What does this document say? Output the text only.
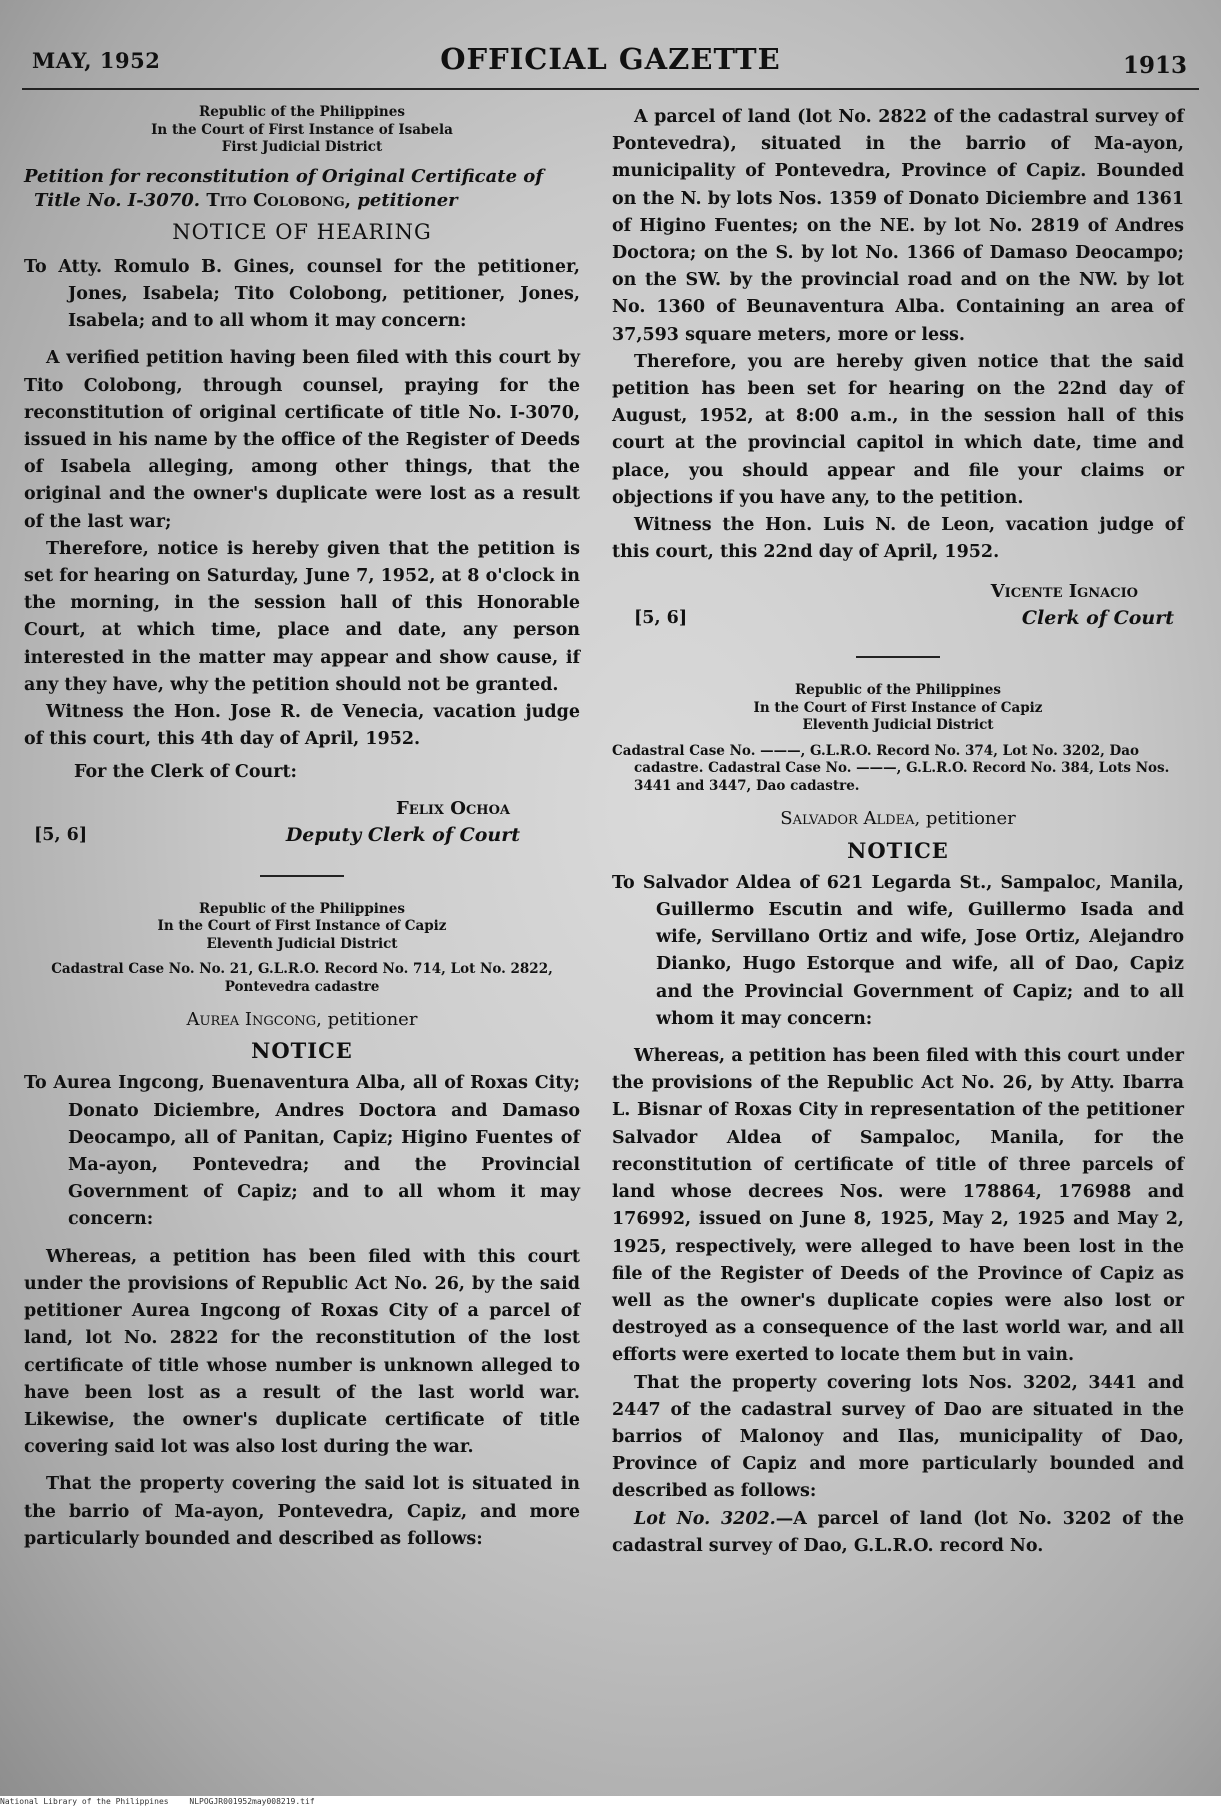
MAY, 1952	OFFICIAL GAZETTE	1913
Republic of the Philippines
In the Court of First Instance of Isabela
First Judicial District
Petition for reconstitution of Original Certificate of Title No. I-3070. Tito Colobong, petitioner
NOTICE OF HEARING
To Atty. Romulo B. Gines, counsel for the petitioner, Jones, Isabela; Tito Colobong, petitioner, Jones, Isabela; and to all whom it may concern:

A verified petition having been filed with this court by Tito Colobong, through counsel, praying for the reconstitution of original certificate of title No. I-3070, issued in his name by the office of the Register of Deeds of Isabela alleging, among other things, that the original and the owner's duplicate were lost as a result of the last war;

Therefore, notice is hereby given that the petition is set for hearing on Saturday, June 7, 1952, at 8 o'clock in the morning, in the session hall of this Honorable Court, at which time, place and date, any person interested in the matter may appear and show cause, if any they have, why the petition should not be granted.

Witness the Hon. Jose R. de Venecia, vacation judge of this court, this 4th day of April, 1952.

For the Clerk of Court:
Felix Ochoa
Deputy Clerk of Court
[5, 6]
Republic of the Philippines
In the Court of First Instance of Capiz
Eleventh Judicial District
Cadastral Case No. No. 21, G.L.R.O. Record No. 714, Lot No. 2822, Pontevedra cadastre
Aurea Ingcong, petitioner
NOTICE
To Aurea Ingcong, Buenaventura Alba, all of Roxas City; Donato Diciembre, Andres Doctora and Damaso Deocampo, all of Panitan, Capiz; Higino Fuentes of Ma-ayon, Pontevedra; and the Provincial Government of Capiz; and to all whom it may concern:

Whereas, a petition has been filed with this court under the provisions of Republic Act No. 26, by the said petitioner Aurea Ingcong of Roxas City of a parcel of land, lot No. 2822 for the reconstitution of the lost certificate of title whose number is unknown alleged to have been lost as a result of the last world war. Likewise, the owner's duplicate certificate of title covering said lot was also lost during the war.

That the property covering the said lot is situated in the barrio of Ma-ayon, Pontevedra, Capiz, and more particularly bounded and described as follows:

A parcel of land (lot No. 2822 of the cadastral survey of Pontevedra), situated in the barrio of Ma-ayon, municipality of Pontevedra, Province of Capiz. Bounded on the N. by lots Nos. 1359 of Donato Diciembre and 1361 of Higino Fuentes; on the NE. by lot No. 2819 of Andres Doctora; on the S. by lot No. 1366 of Damaso Deocampo; on the SW. by the provincial road and on the NW. by lot No. 1360 of Beunaventura Alba. Containing an area of 37,593 square meters, more or less.

Therefore, you are hereby given notice that the said petition has been set for hearing on the 22nd day of August, 1952, at 8:00 a.m., in the session hall of this court at the provincial capitol in which date, time and place, you should appear and file your claims or objections if you have any, to the petition.

Witness the Hon. Luis N. de Leon, vacation judge of this court, this 22nd day of April, 1952.

Vicente Ignacio
Clerk of Court
[5, 6]
Republic of the Philippines
In the Court of First Instance of Capiz
Eleventh Judicial District
Cadastral Case No. ———, G.L.R.O. Record No. 374, Lot No. 3202, Dao cadastre. Cadastral Case No. ———, G.L.R.O. Record No. 384, Lots Nos. 3441 and 3447, Dao cadastre.
Salvador Aldea, petitioner
NOTICE
To Salvador Aldea of 621 Legarda St., Sampaloc, Manila, Guillermo Escutin and wife, Guillermo Isada and wife, Servillano Ortiz and wife, Jose Ortiz, Alejandro Dianko, Hugo Estorque and wife, all of Dao, Capiz and the Provincial Government of Capiz; and to all whom it may concern:

Whereas, a petition has been filed with this court under the provisions of the Republic Act No. 26, by Atty. Ibarra L. Bisnar of Roxas City in representation of the petitioner Salvador Aldea of Sampaloc, Manila, for the reconstitution of certificate of title of three parcels of land whose decrees Nos. were 178864, 176988 and 176992, issued on June 8, 1925, May 2, 1925 and May 2, 1925, respectively, were alleged to have been lost in the file of the Register of Deeds of the Province of Capiz as well as the owner's duplicate copies were also lost or destroyed as a consequence of the last world war, and all efforts were exerted to locate them but in vain.

That the property covering lots Nos. 3202, 3441 and 2447 of the cadastral survey of Dao are situated in the barrios of Malonoy and Ilas, municipality of Dao, Province of Capiz and more particularly bounded and described as follows:

Lot No. 3202.—A parcel of land (lot No. 3202 of the cadastral survey of Dao, G.L.R.O. record No.

National Library of the Philippines	NLPOGJR001952may008219.tif
